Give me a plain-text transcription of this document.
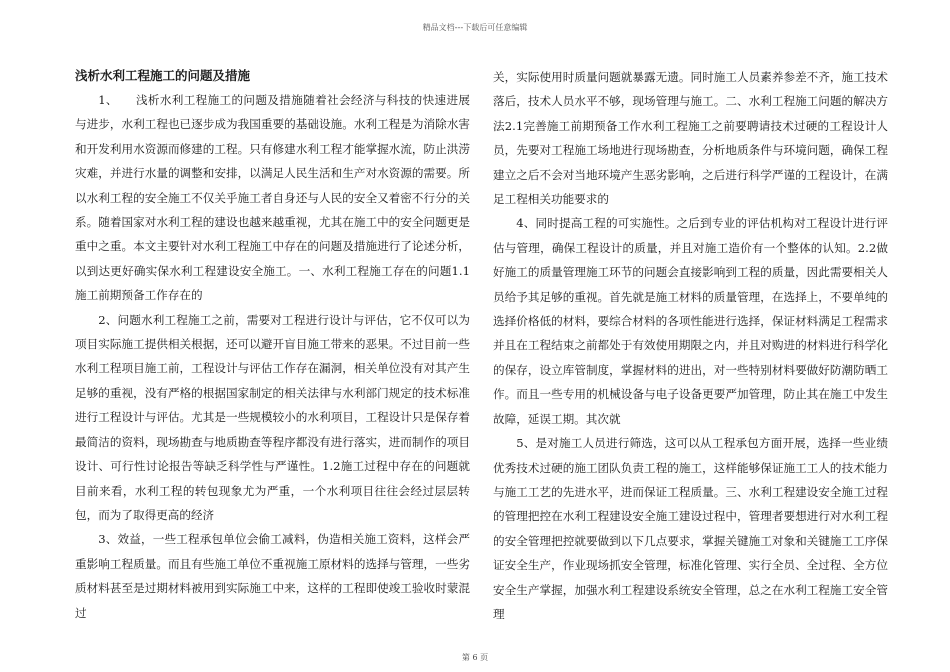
精品文档---下载后可任意编辑
浅析水利工程施工的问题及措施

1、　　浅析水利工程施工的问题及措施随着社会经济与科技的快速进展与进步，水利工程也已逐步成为我国重要的基础设施。水利工程是为消除水害和开发利用水资源而修建的工程。只有修建水利工程才能掌握水流，防止洪涝灾难，并进行水量的调整和安排，以满足人民生活和生产对水资源的需要。所以水利工程的安全施工不仅关乎施工者自身还与人民的安全又着密不行分的关系。随着国家对水利工程的建设也越来越重视，尤其在施工中的安全问题更是重中之重。本文主要针对水利工程施工中存在的问题及措施进行了论述分析，以到达更好确实保水利工程建设安全施工。一、水利工程施工存在的问题1.1施工前期预备工作存在的

2、问题水利工程施工之前，需要对工程进行设计与评估，它不仅可以为项目实际施工提供相关根据，还可以避开盲目施工带来的恶果。不过目前一些水利工程项目施工前，工程设计与评估工作存在漏洞，相关单位没有对其产生足够的重视，没有严格的根据国家制定的相关法律与水利部门规定的技术标准进行工程设计与评估。尤其是一些规模较小的水利项目，工程设计只是保存着最简洁的资料，现场勘查与地质勘查等程序都没有进行落实，进而制作的项目设计、可行性讨论报告等缺乏科学性与严谨性。1.2施工过程中存在的问题就目前来看，水利工程的转包现象尤为严重，一个水利项目往往会经过层层转包，而为了取得更高的经济

3、效益，一些工程承包单位会偷工减料，伪造相关施工资料，这样会严重影响工程质量。而且有些施工单位不重视施工原材料的选择与管理，一些劣质材料甚至是过期材料被用到实际施工中来，这样的工程即使竣工验收时蒙混过

关，实际使用时质量问题就暴露无遗。同时施工人员素养参差不齐，施工技术落后，技术人员水平不够，现场管理与施工。二、水利工程施工问题的解决方法2.1完善施工前期预备工作水利工程施工之前要聘请技术过硬的工程设计人员，先要对工程施工场地进行现场勘查，分析地质条件与环境问题，确保工程建立之后不会对当地环境产生恶劣影响，之后进行科学严谨的工程设计，在满足工程相关功能要求的

4、同时提高工程的可实施性。之后到专业的评估机构对工程设计进行评估与管理，确保工程设计的质量，并且对施工造价有一个整体的认知。2.2做好施工的质量管理施工环节的问题会直接影响到工程的质量，因此需要相关人员给予其足够的重视。首先就是施工材料的质量管理，在选择上，不要单纯的选择价格低的材料，要综合材料的各项性能进行选择，保证材料满足工程需求并且在工程结束之前都处于有效使用期限之内，并且对购进的材料进行科学化的保存，设立库管制度，掌握材料的进出，对一些特别材料要做好防潮防晒工作。而且一些专用的机械设备与电子设备更要严加管理，防止其在施工中发生故障，延误工期。其次就

5、是对施工人员进行筛选，这可以从工程承包方面开展，选择一些业绩优秀技术过硬的施工团队负责工程的施工，这样能够保证施工工人的技术能力与施工工艺的先进水平，进而保证工程质量。三、水利工程建设安全施工过程的管理把控在水利工程建设安全施工建设过程中，管理者要想进行对水利工程的安全管理把控就要做到以下几点要求，掌握关键施工对象和关键施工工序保证安全生产，作业现场抓安全管理，标准化管理、实行全员、全过程、全方位安全生产掌握，加强水利工程建设系统安全管理，总之在水利工程施工安全管理

第 6 页
